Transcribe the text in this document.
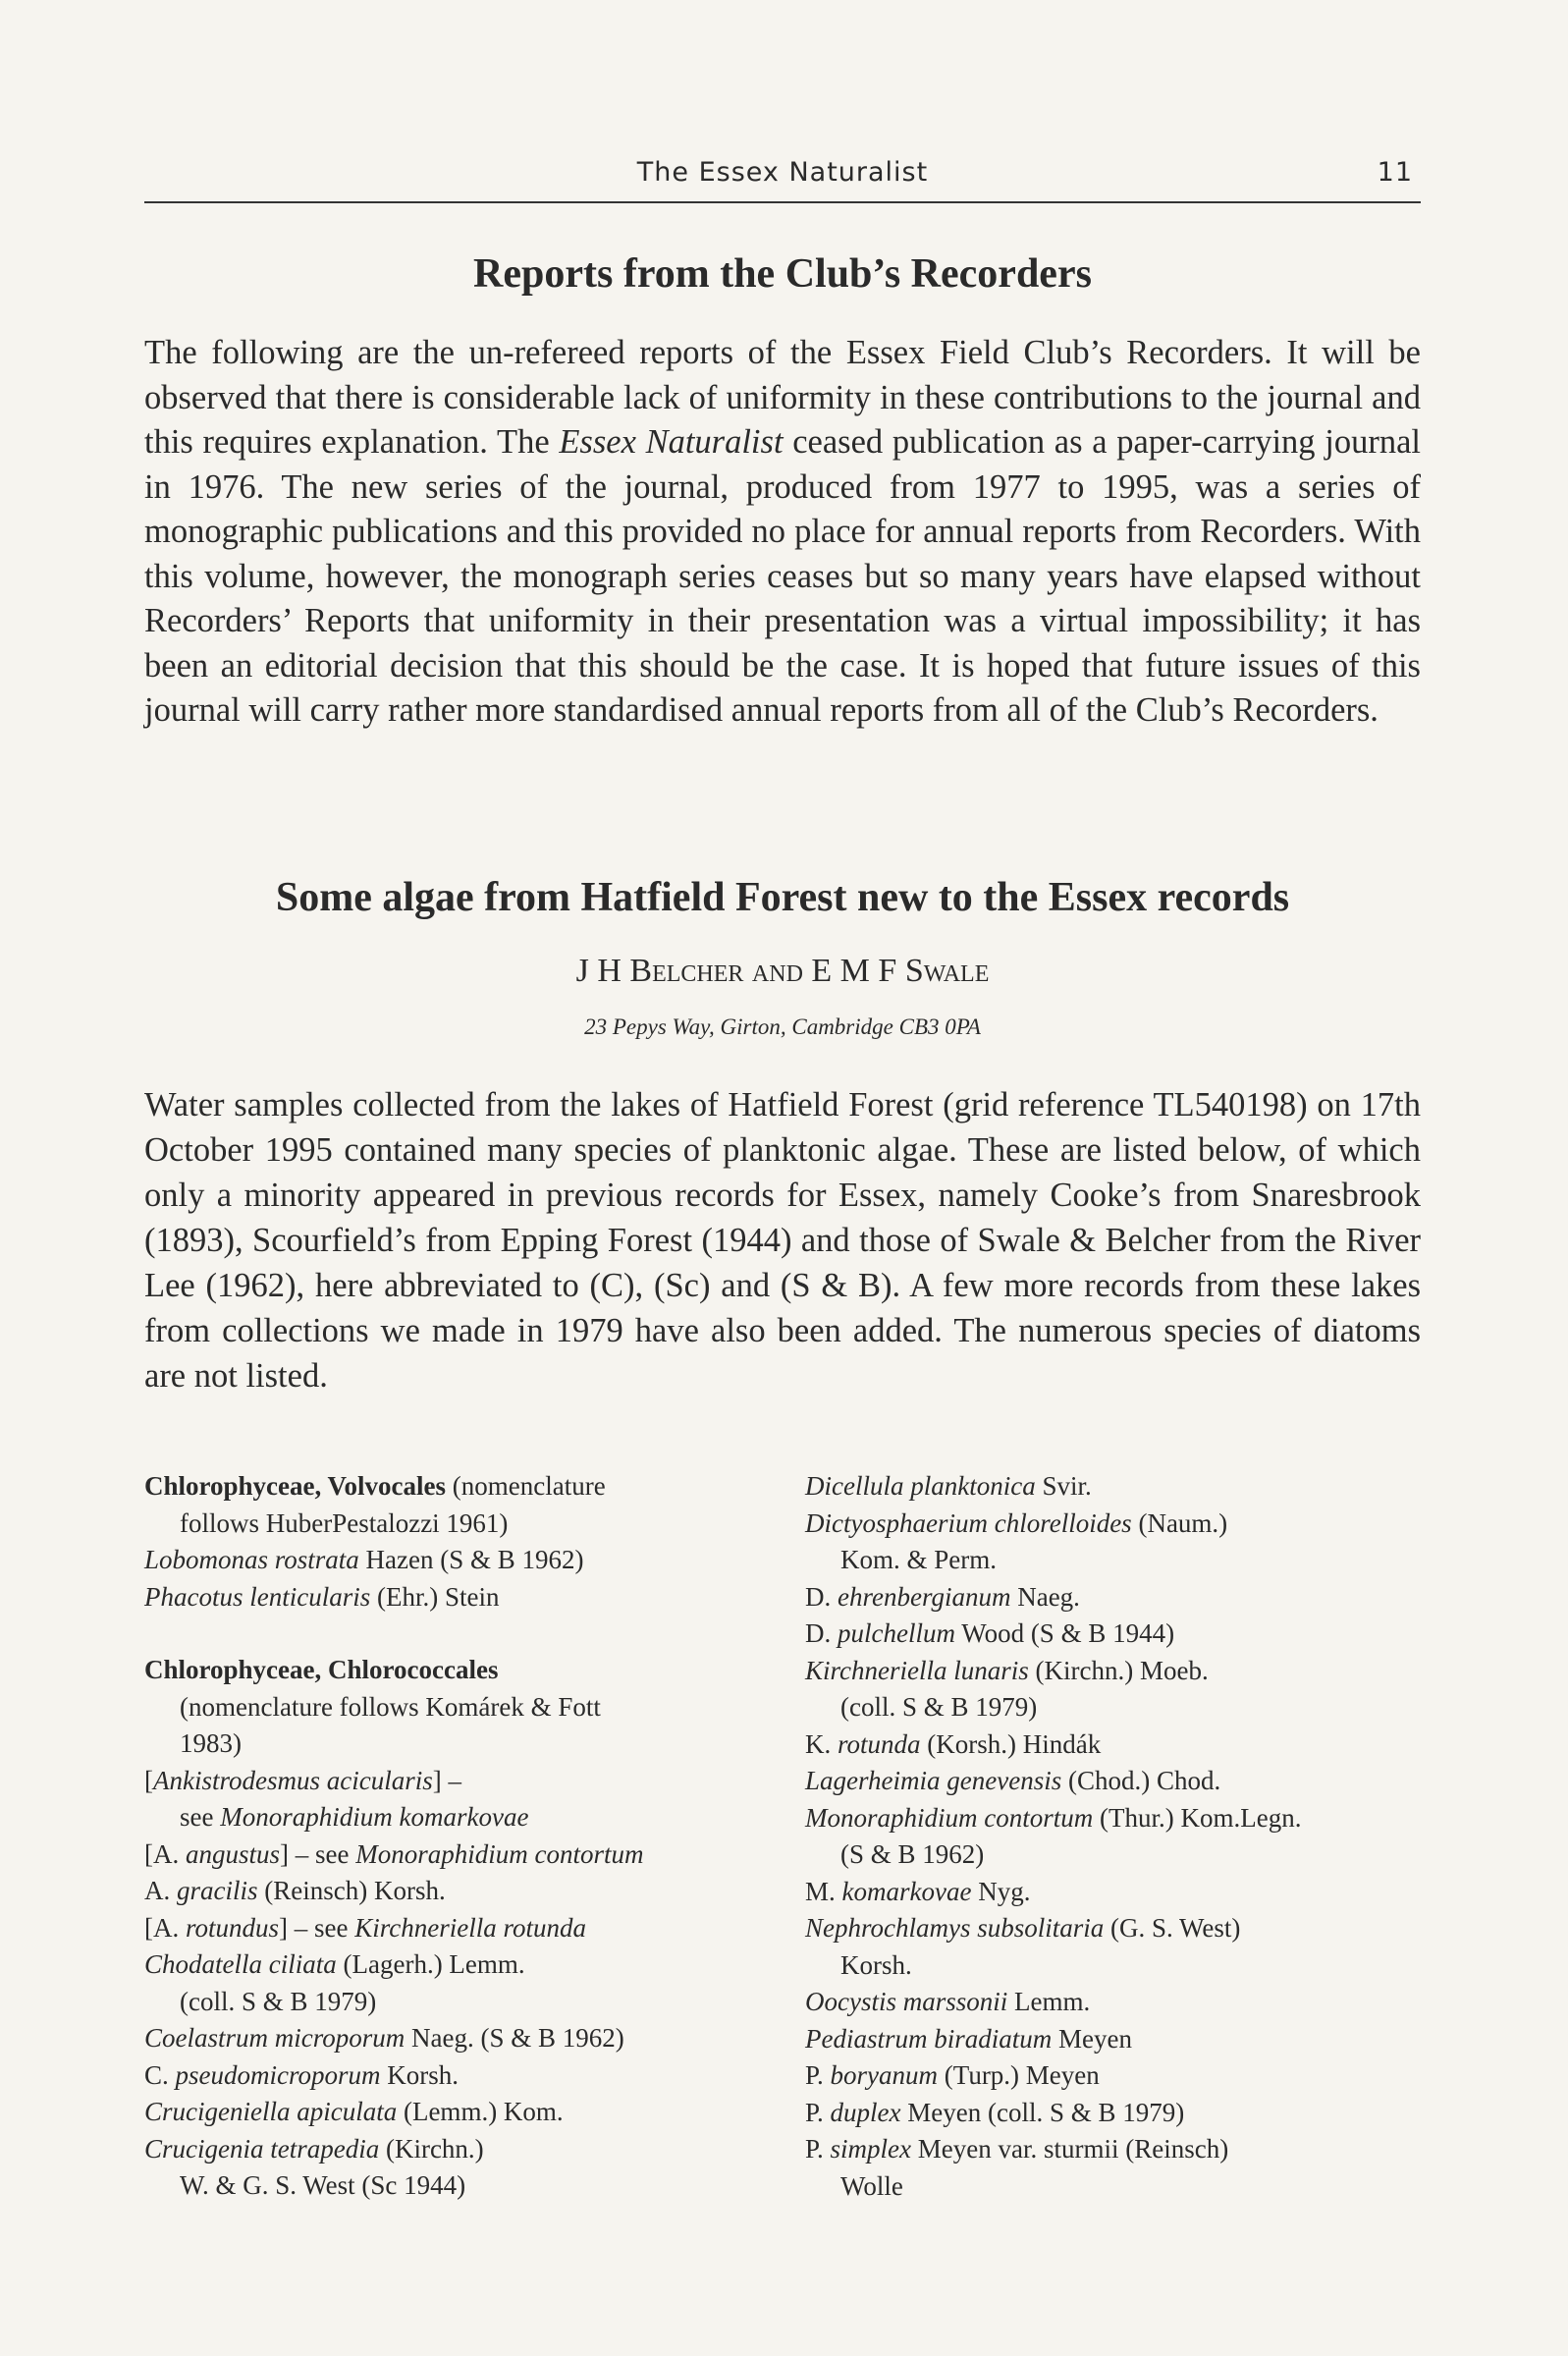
The Essex Naturalist	11
Reports from the Club’s Recorders

The following are the un-refereed reports of the Essex Field Club’s Recorders. It will be observed that there is considerable lack of uniformity in these contributions to the journal and this requires explanation. The Essex Naturalist ceased publication as a paper-carrying journal in 1976. The new series of the journal, produced from 1977 to 1995, was a series of monographic publications and this provided no place for annual reports from Recorders. With this volume, however, the monograph series ceases but so many years have elapsed without Recorders’ Reports that uniformity in their presentation was a virtual impossibility; it has been an editorial decision that this should be the case. It is hoped that future issues of this journal will carry rather more standardised annual reports from all of the Club’s Recorders.

Some algae from Hatfield Forest new to the Essex records

J H Belcher and E M F Swale

23 Pepys Way, Girton, Cambridge CB3 0PA

Water samples collected from the lakes of Hatfield Forest (grid reference TL540198) on 17th October 1995 contained many species of planktonic algae. These are listed below, of which only a minority appeared in previous records for Essex, namely Cooke’s from Snaresbrook (1893), Scourfield’s from Epping Forest (1944) and those of Swale & Belcher from the River Lee (1962), here abbreviated to (C), (Sc) and (S & B). A few more records from these lakes from collections we made in 1979 have also been added. The numerous species of diatoms are not listed.

Chlorophyceae, Volvocales (nomenclature

follows HuberPestalozzi 1961)

Lobomonas rostrata Hazen (S & B 1962)

Phacotus lenticularis (Ehr.) Stein

Chlorophyceae, Chlorococcales

(nomenclature follows Komárek & Fott

1983)

[Ankistrodesmus acicularis] –

see Monoraphidium komarkovae

[A. angustus] – see Monoraphidium contortum

A. gracilis (Reinsch) Korsh.

[A. rotundus] – see Kirchneriella rotunda

Chodatella ciliata (Lagerh.) Lemm.

(coll. S & B 1979)

Coelastrum microporum Naeg. (S & B 1962)

C. pseudomicroporum Korsh.

Crucigeniella apiculata (Lemm.) Kom.

Crucigenia tetrapedia (Kirchn.)

W. & G. S. West (Sc 1944)

Dicellula planktonica Svir.

Dictyosphaerium chlorelloides (Naum.)

Kom. & Perm.

D. ehrenbergianum Naeg.

D. pulchellum Wood (S & B 1944)

Kirchneriella lunaris (Kirchn.) Moeb.

(coll. S & B 1979)

K. rotunda (Korsh.) Hindák

Lagerheimia genevensis (Chod.) Chod.

Monoraphidium contortum (Thur.) Kom.Legn.

(S & B 1962)

M. komarkovae Nyg.

Nephrochlamys subsolitaria (G. S. West)

Korsh.

Oocystis marssonii Lemm.

Pediastrum biradiatum Meyen

P. boryanum (Turp.) Meyen

P. duplex Meyen (coll. S & B 1979)

P. simplex Meyen var. sturmii (Reinsch)

Wolle
